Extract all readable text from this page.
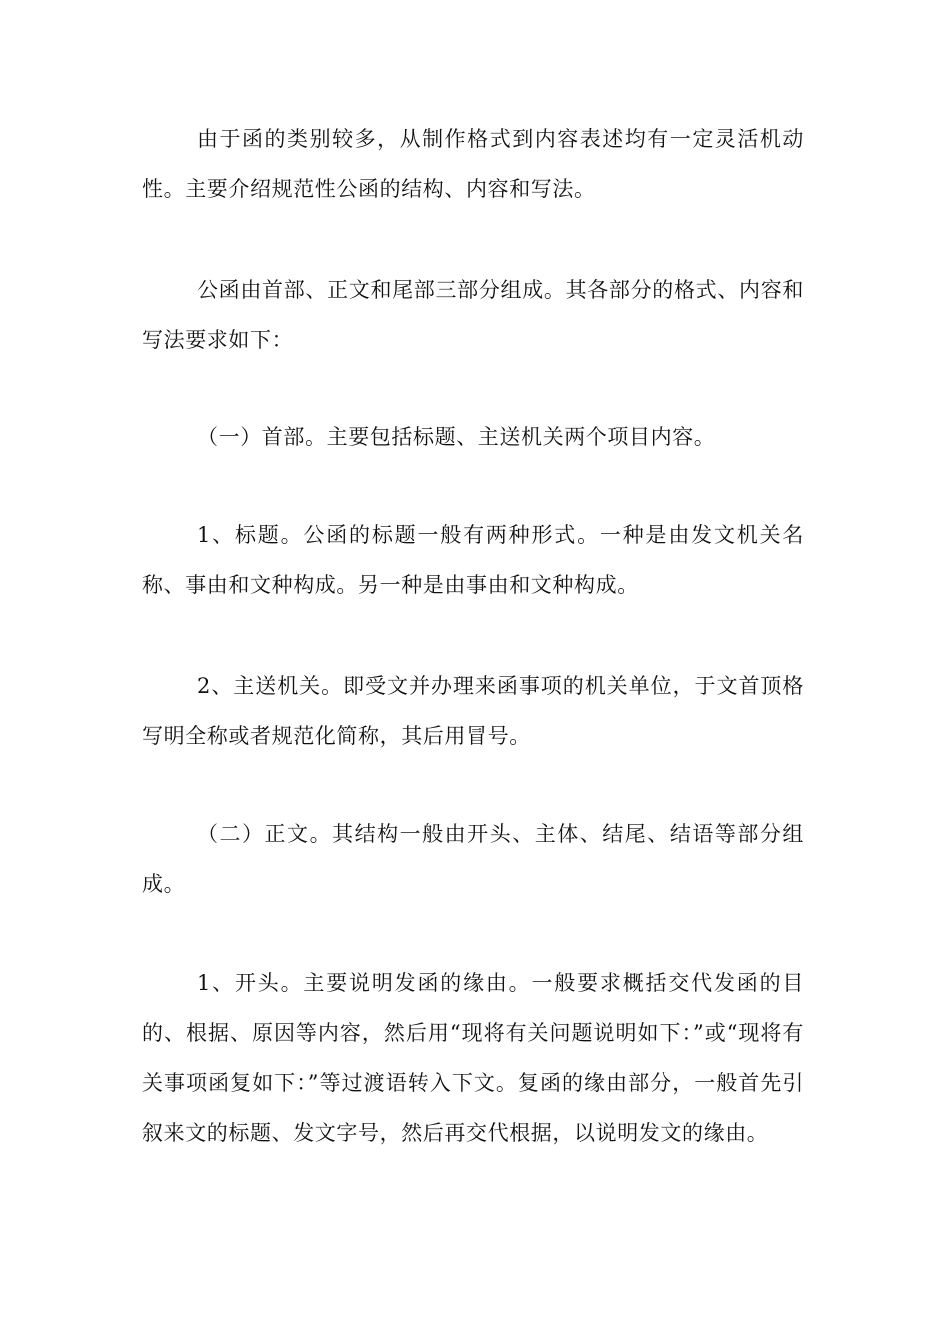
由于函的类别较多，从制作格式到内容表述均有一定灵活机动性。主要介绍规范性公函的结构、内容和写法。

公函由首部、正文和尾部三部分组成。其各部分的格式、内容和写法要求如下：

（一）首部。主要包括标题、主送机关两个项目内容。

1、标题。公函的标题一般有两种形式。一种是由发文机关名称、事由和文种构成。另一种是由事由和文种构成。

2、主送机关。即受文并办理来函事项的机关单位，于文首顶格写明全称或者规范化简称，其后用冒号。

（二）正文。其结构一般由开头、主体、结尾、结语等部分组成。

1、开头。主要说明发函的缘由。一般要求概括交代发函的目的、根据、原因等内容，然后用“现将有关问题说明如下：”或“现将有关事项函复如下：”等过渡语转入下文。复函的缘由部分，一般首先引叙来文的标题、发文字号，然后再交代根据，以说明发文的缘由。
